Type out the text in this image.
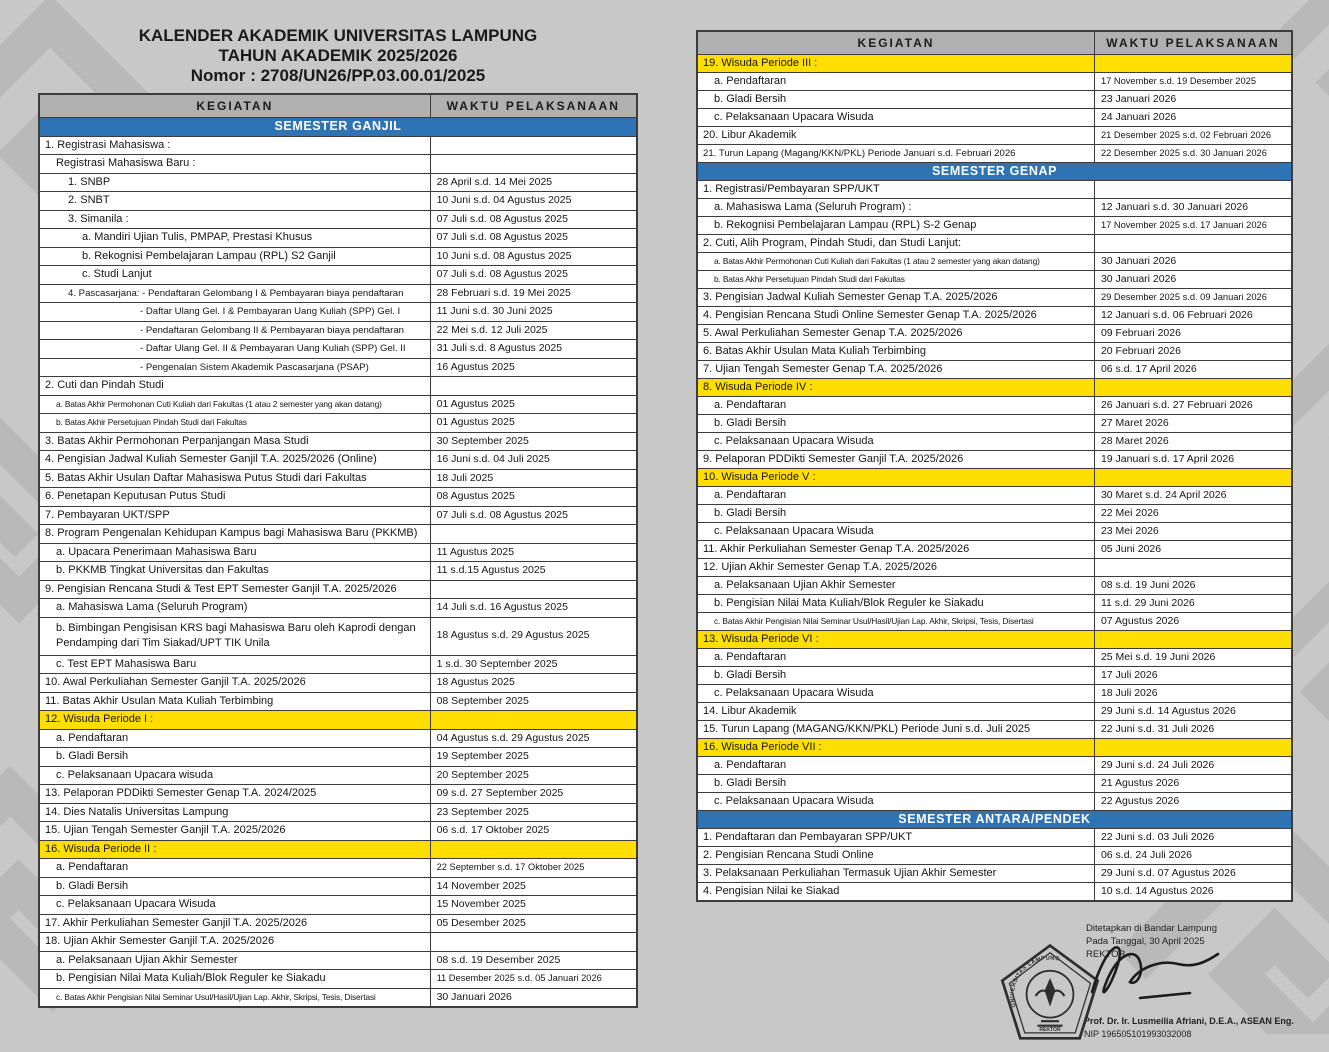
KALENDER AKADEMIK UNIVERSITAS LAMPUNG
TAHUN AKADEMIK 2025/2026
Nomor : 2708/UN26/PP.03.00.01/2025
KEGIATAN	WAKTU PELAKSANAAN
SEMESTER GANJIL	
1. Registrasi Mahasiswa :	
Registrasi Mahasiswa Baru :	
1. SNBP	28 April s.d. 14 Mei 2025
2. SNBT	10 Juni s.d. 04 Agustus 2025
3. Simanila :	07 Juli s.d. 08 Agustus 2025
a. Mandiri Ujian Tulis, PMPAP, Prestasi Khusus	07 Juli s.d. 08 Agustus 2025
b. Rekognisi Pembelajaran Lampau (RPL) S2 Ganjil	10 Juni s.d. 08 Agustus 2025
c. Studi Lanjut	07 Juli s.d. 08 Agustus 2025
4. Pascasarjana: - Pendaftaran Gelombang I & Pembayaran biaya pendaftaran	28 Februari s.d. 19 Mei 2025
- Daftar Ulang Gel. I & Pembayaran Uang Kuliah (SPP) Gel. I	11 Juni s.d. 30 Juni 2025
- Pendaftaran Gelombang II & Pembayaran biaya pendaftaran	22 Mei s.d. 12 Juli 2025
- Daftar Ulang Gel. II & Pembayaran Uang Kuliah (SPP) Gel. II	31 Juli s.d. 8 Agustus 2025
- Pengenalan Sistem Akademik Pascasarjana (PSAP)	16 Agustus 2025
2. Cuti dan Pindah Studi	
a. Batas Akhir Permohonan Cuti Kuliah dari Fakultas (1 atau 2 semester yang akan datang)	01 Agustus 2025
b. Batas Akhir Persetujuan Pindah Studi dari Fakultas	01 Agustus 2025
3. Batas Akhir Permohonan Perpanjangan Masa Studi	30 September 2025
4. Pengisian Jadwal Kuliah Semester Ganjil T.A. 2025/2026 (Online)	16 Juni s.d. 04 Juli 2025
5. Batas Akhir Usulan Daftar Mahasiswa Putus Studi dari Fakultas	18 Juli 2025
6. Penetapan Keputusan Putus Studi	08 Agustus 2025
7. Pembayaran UKT/SPP	07 Juli s.d. 08 Agustus 2025
8. Program Pengenalan Kehidupan Kampus bagi Mahasiswa Baru (PKKMB)	
a. Upacara Penerimaan Mahasiswa Baru	11 Agustus 2025
b. PKKMB Tingkat Universitas dan Fakultas	11 s.d.15 Agustus 2025
9. Pengisian Rencana Studi & Test EPT Semester Ganjil T.A. 2025/2026	
a. Mahasiswa Lama (Seluruh Program)	14 Juli s.d. 16 Agustus 2025
b. Bimbingan Pengisisan KRS bagi Mahasiswa Baru oleh Kaprodi dengan Pendamping dari Tim Siakad/UPT TIK Unila	18 Agustus s.d. 29 Agustus 2025
c. Test EPT Mahasiswa Baru	1 s.d. 30 September 2025
10. Awal Perkuliahan Semester Ganjil T.A. 2025/2026	18 Agustus 2025
11. Batas Akhir Usulan Mata Kuliah Terbimbing	08 September 2025
12. Wisuda Periode I :	
a. Pendaftaran	04 Agustus s.d. 29 Agustus 2025
b. Gladi Bersih	19 September 2025
c. Pelaksanaan Upacara wisuda	20 September 2025
13. Pelaporan PDDikti Semester Genap T.A. 2024/2025	09 s.d. 27 September 2025
14. Dies Natalis Universitas Lampung	23 September 2025
15. Ujian Tengah Semester Ganjil T.A. 2025/2026	06 s.d. 17 Oktober 2025
16. Wisuda Periode II :	
a. Pendaftaran	22 September s.d. 17 Oktober 2025
b. Gladi Bersih	14 November 2025
c. Pelaksanaan Upacara Wisuda	15 November 2025
17. Akhir Perkuliahan Semester Ganjil T.A. 2025/2026	05 Desember 2025
18. Ujian Akhir Semester Ganjil T.A. 2025/2026	
a. Pelaksanaan Ujian Akhir Semester	08 s.d. 19 Desember 2025
b. Pengisian Nilai Mata Kuliah/Blok Reguler ke Siakadu	11 Desember 2025 s.d. 05 Januari 2026
c. Batas Akhir Pengisian Nilai Seminar Usul/Hasil/Ujian Lap. Akhir, Skripsi, Tesis, Disertasi	30 Januari 2026
KEGIATAN	WAKTU PELAKSANAAN
19. Wisuda Periode III :	
a. Pendaftaran	17 November s.d. 19 Desember 2025
b. Gladi Bersih	23 Januari 2026
c. Pelaksanaan Upacara Wisuda	24 Januari 2026
20. Libur Akademik	21 Desember 2025 s.d. 02 Februari 2026
21. Turun Lapang (Magang/KKN/PKL) Periode Januari s.d. Februari 2026	22 Desember 2025 s.d. 30 Januari 2026
SEMESTER GENAP	
1. Registrasi/Pembayaran SPP/UKT	
a. Mahasiswa Lama (Seluruh Program) :	12 Januari s.d. 30 Januari 2026
b. Rekognisi Pembelajaran Lampau (RPL) S-2 Genap	17 November 2025 s.d. 17 Januari 2026
2. Cuti, Alih Program, Pindah Studi, dan Studi Lanjut:	
a. Batas Akhir Permohonan Cuti Kuliah dari Fakultas (1 atau 2 semester yang akan datang)	30 Januari 2026
b. Batas Akhir Persetujuan Pindah Studi dari Fakultas	30 Januari 2026
3. Pengisian Jadwal Kuliah Semester Genap T.A. 2025/2026	29 Desember 2025 s.d. 09 Januari 2026
4. Pengisian Rencana Studi Online Semester Genap T.A. 2025/2026	12 Januari s.d. 06 Februari 2026
5. Awal Perkuliahan Semester Genap T.A. 2025/2026	09 Februari 2026
6. Batas Akhir Usulan Mata Kuliah Terbimbing	20 Februari 2026
7. Ujian Tengah Semester Genap T.A. 2025/2026	06 s.d. 17 April 2026
8. Wisuda Periode IV :	
a. Pendaftaran	26 Januari s.d. 27 Februari 2026
b. Gladi Bersih	27 Maret 2026
c. Pelaksanaan Upacara Wisuda	28 Maret 2026
9. Pelaporan PDDikti Semester Ganjil T.A. 2025/2026	19 Januari s.d. 17 April 2026
10. Wisuda Periode V :	
a. Pendaftaran	30 Maret s.d. 24 April 2026
b. Gladi Bersih	22 Mei 2026
c. Pelaksanaan Upacara Wisuda	23 Mei 2026
11. Akhir Perkuliahan Semester Genap T.A. 2025/2026	05 Juni 2026
12. Ujian Akhir Semester Genap T.A. 2025/2026	
a. Pelaksanaan Ujian Akhir Semester	08 s.d. 19 Juni 2026
b. Pengisian Nilai Mata Kuliah/Blok Reguler ke Siakadu	11 s.d. 29 Juni 2026
c. Batas Akhir Pengisian Nilai Seminar Usul/Hasil/Ujian Lap. Akhir, Skripsi, Tesis, Disertasi	07 Agustus 2026
13. Wisuda Periode VI :	
a. Pendaftaran	25 Mei s.d. 19 Juni 2026
b. Gladi Bersih	17 Juli 2026
c. Pelaksanaan Upacara Wisuda	18 Juli 2026
14. Libur Akademik	29 Juni s.d. 14 Agustus 2026
15. Turun Lapang (MAGANG/KKN/PKL) Periode Juni s.d. Juli 2025	22 Juni s.d. 31 Juli 2026
16. Wisuda Periode VII :	
a. Pendaftaran	29 Juni s.d. 24 Juli 2026
b. Gladi Bersih	21 Agustus 2026
c. Pelaksanaan Upacara Wisuda	22 Agustus 2026
SEMESTER ANTARA/PENDEK	
1. Pendaftaran dan Pembayaran SPP/UKT	22 Juni s.d. 03 Juli 2026
2. Pengisian Rencana Studi Online	06 s.d. 24 Juli 2026
3. Pelaksanaan Perkuliahan Termasuk Ujian Akhir Semester	29 Juni s.d. 07 Agustus 2026
4. Pengisian Nilai ke Siakad	10 s.d. 14 Agustus 2026
Ditetapkan di Bandar Lampung
Pada Tanggal, 30 April 2025
REKTOR ,
UNIVERSITAS LAMPUNG
REKTOR
Prof. Dr. Ir. Lusmeilia Afriani, D.E.A., ASEAN Eng.
NIP 196505101993032008
